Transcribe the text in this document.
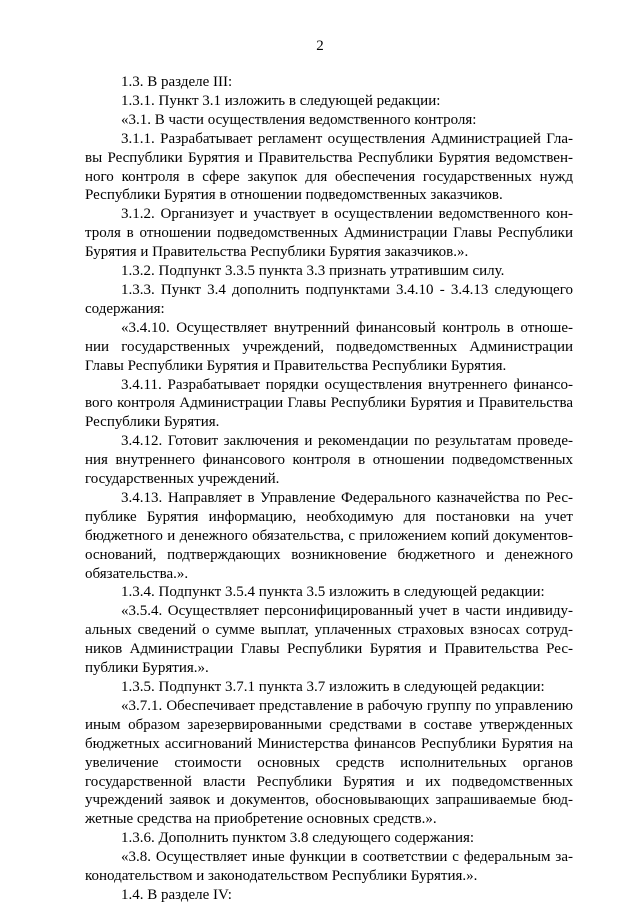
2

1.3. В разделе III:

1.3.1. Пункт 3.1 изложить в следующей редакции:

«3.1. В части осуществления ведомственного контроля:

3.1.1. Разрабатывает регламент осуществления Администрацией Главы Республики Бурятия и Правительства Республики Бурятия ведомственного контроля в сфере закупок для обеспечения государственных нужд Республики Бурятия в отношении подведомственных заказчиков.

3.1.2. Организует и участвует в осуществлении ведомственного контроля в отношении подведомственных Администрации Главы Республики Бурятия и Правительства Республики Бурятия заказчиков.».

1.3.2. Подпункт 3.3.5 пункта 3.3 признать утратившим силу.

1.3.3. Пункт 3.4 дополнить подпунктами 3.4.10 - 3.4.13 следующего содержания:

«3.4.10. Осуществляет внутренний финансовый контроль в отношении государственных учреждений, подведомственных Администрации Главы Республики Бурятия и Правительства Республики Бурятия.

3.4.11. Разрабатывает порядки осуществления внутреннего финансового контроля Администрации Главы Республики Бурятия и Правительства Республики Бурятия.

3.4.12. Готовит заключения и рекомендации по результатам проведения внутреннего финансового контроля в отношении подведомственных государственных учреждений.

3.4.13. Направляет в Управление Федерального казначейства по Республике Бурятия информацию, необходимую для постановки на учет бюджетного и денежного обязательства, с приложением копий документов-оснований, подтверждающих возникновение бюджетного и денежного обязательства.».

1.3.4. Подпункт 3.5.4 пункта 3.5 изложить в следующей редакции:

«3.5.4. Осуществляет персонифицированный учет в части индивидуальных сведений о сумме выплат, уплаченных страховых взносах сотрудников Администрации Главы Республики Бурятия и Правительства Республики Бурятия.».

1.3.5. Подпункт 3.7.1 пункта 3.7 изложить в следующей редакции:

«3.7.1. Обеспечивает представление в рабочую группу по управлению иным образом зарезервированными средствами в составе утвержденных бюджетных ассигнований Министерства финансов Республики Бурятия на увеличение стоимости основных средств исполнительных органов государственной власти Республики Бурятия и их подведомственных учреждений заявок и документов, обосновывающих запрашиваемые бюджетные средства на приобретение основных средств.».

1.3.6. Дополнить пунктом 3.8 следующего содержания:

«3.8. Осуществляет иные функции в соответствии с федеральным законодательством и законодательством Республики Бурятия.».

1.4. В разделе IV:
